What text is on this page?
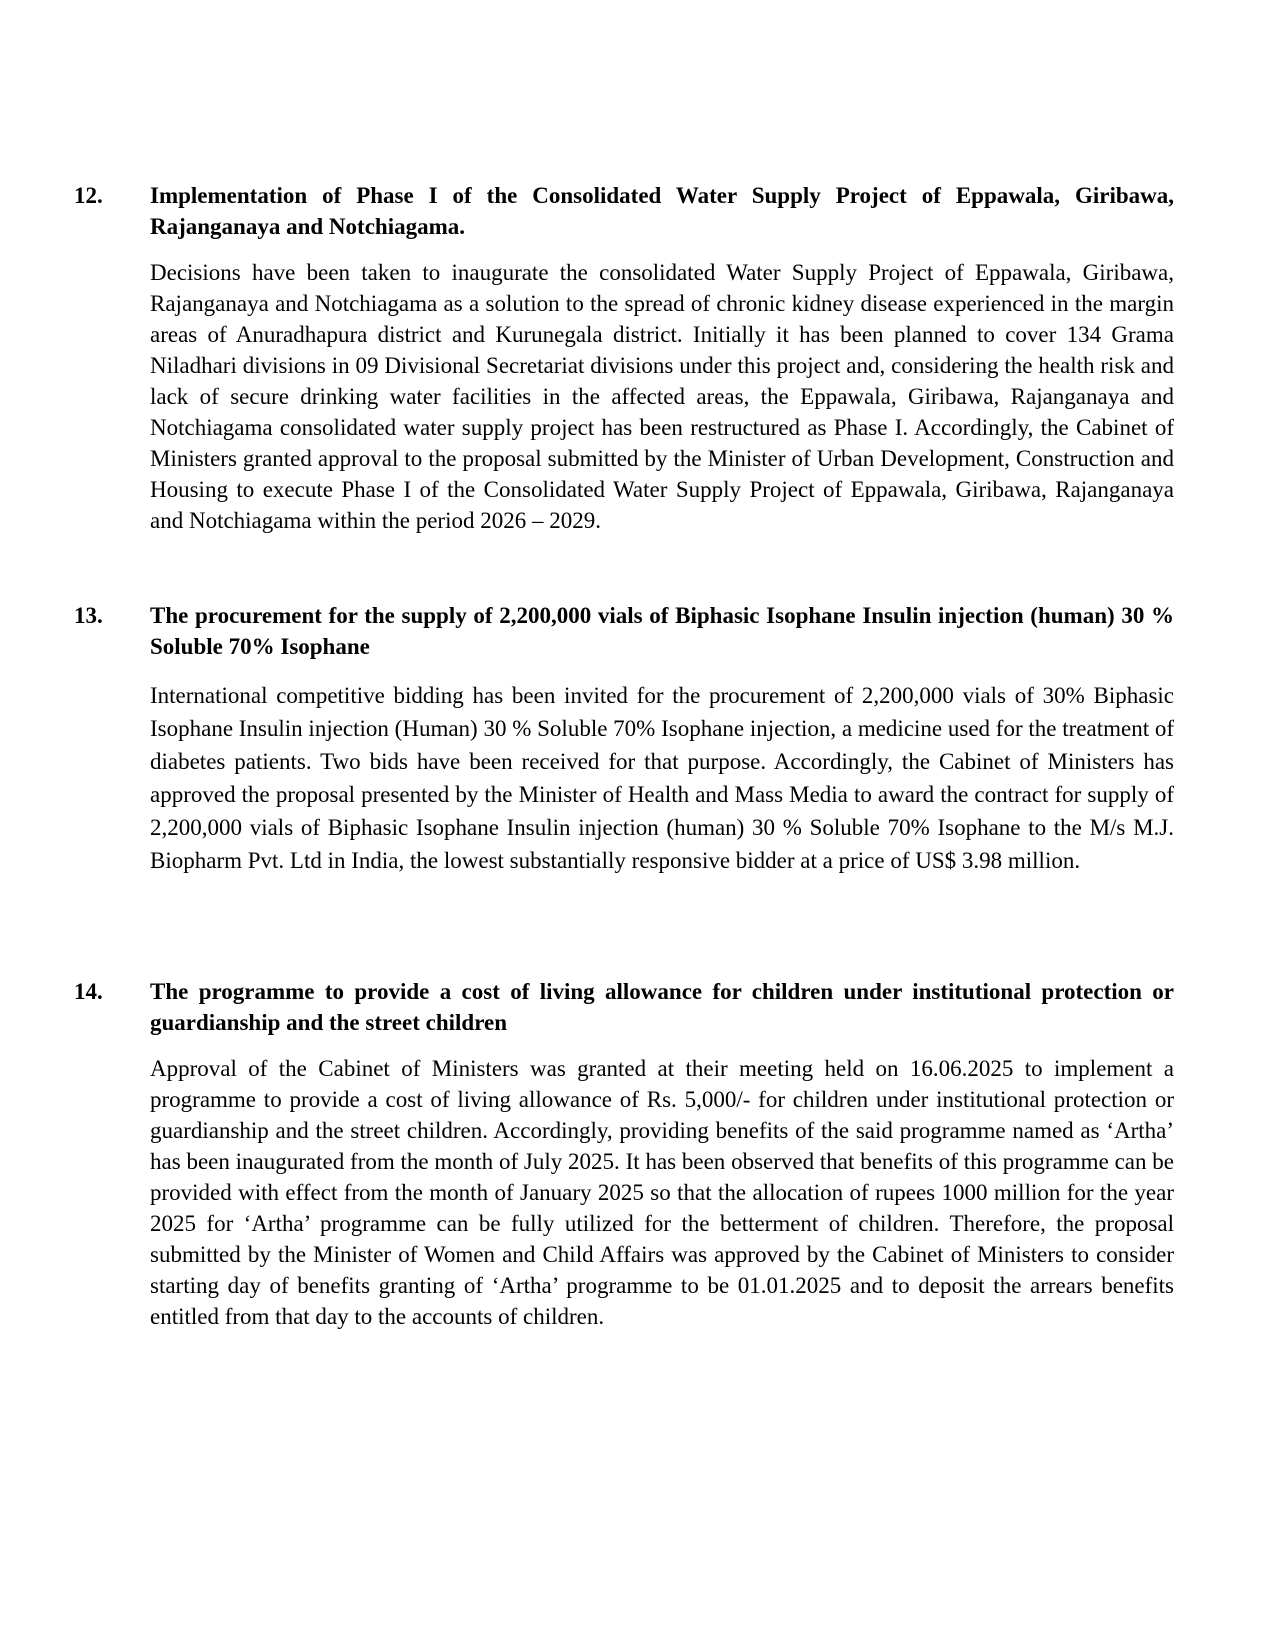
12. Implementation of Phase I of the Consolidated Water Supply Project of Eppawala, Giribawa, Rajanganaya and Notchiagama.
Decisions have been taken to inaugurate the consolidated Water Supply Project of Eppawala, Giribawa, Rajanganaya and Notchiagama as a solution to the spread of chronic kidney disease experienced in the margin areas of Anuradhapura district and Kurunegala district. Initially it has been planned to cover 134 Grama Niladhari divisions in 09 Divisional Secretariat divisions under this project and, considering the health risk and lack of secure drinking water facilities in the affected areas, the Eppawala, Giribawa, Rajanganaya and Notchiagama consolidated water supply project has been restructured as Phase I. Accordingly, the Cabinet of Ministers granted approval to the proposal submitted by the Minister of Urban Development, Construction and Housing to execute Phase I of the Consolidated Water Supply Project of Eppawala, Giribawa, Rajanganaya and Notchiagama within the period 2026 – 2029.
13. The procurement for the supply of 2,200,000 vials of Biphasic Isophane Insulin injection (human) 30 % Soluble 70% Isophane
International competitive bidding has been invited for the procurement of 2,200,000 vials of 30% Biphasic Isophane Insulin injection (Human) 30 % Soluble 70% Isophane injection, a medicine used for the treatment of diabetes patients. Two bids have been received for that purpose. Accordingly, the Cabinet of Ministers has approved the proposal presented by the Minister of Health and Mass Media to award the contract for supply of 2,200,000 vials of Biphasic Isophane Insulin injection (human) 30 % Soluble 70% Isophane to the M/s M.J. Biopharm Pvt. Ltd in India, the lowest substantially responsive bidder at a price of US$ 3.98 million.
14. The programme to provide a cost of living allowance for children under institutional protection or guardianship and the street children
Approval of the Cabinet of Ministers was granted at their meeting held on 16.06.2025 to implement a programme to provide a cost of living allowance of Rs. 5,000/- for children under institutional protection or guardianship and the street children. Accordingly, providing benefits of the said programme named as ‘Artha’ has been inaugurated from the month of July 2025. It has been observed that benefits of this programme can be provided with effect from the month of January 2025 so that the allocation of rupees 1000 million for the year 2025 for ‘Artha’ programme can be fully utilized for the betterment of children. Therefore, the proposal submitted by the Minister of Women and Child Affairs was approved by the Cabinet of Ministers to consider starting day of benefits granting of ‘Artha’ programme to be 01.01.2025 and to deposit the arrears benefits entitled from that day to the accounts of children.
